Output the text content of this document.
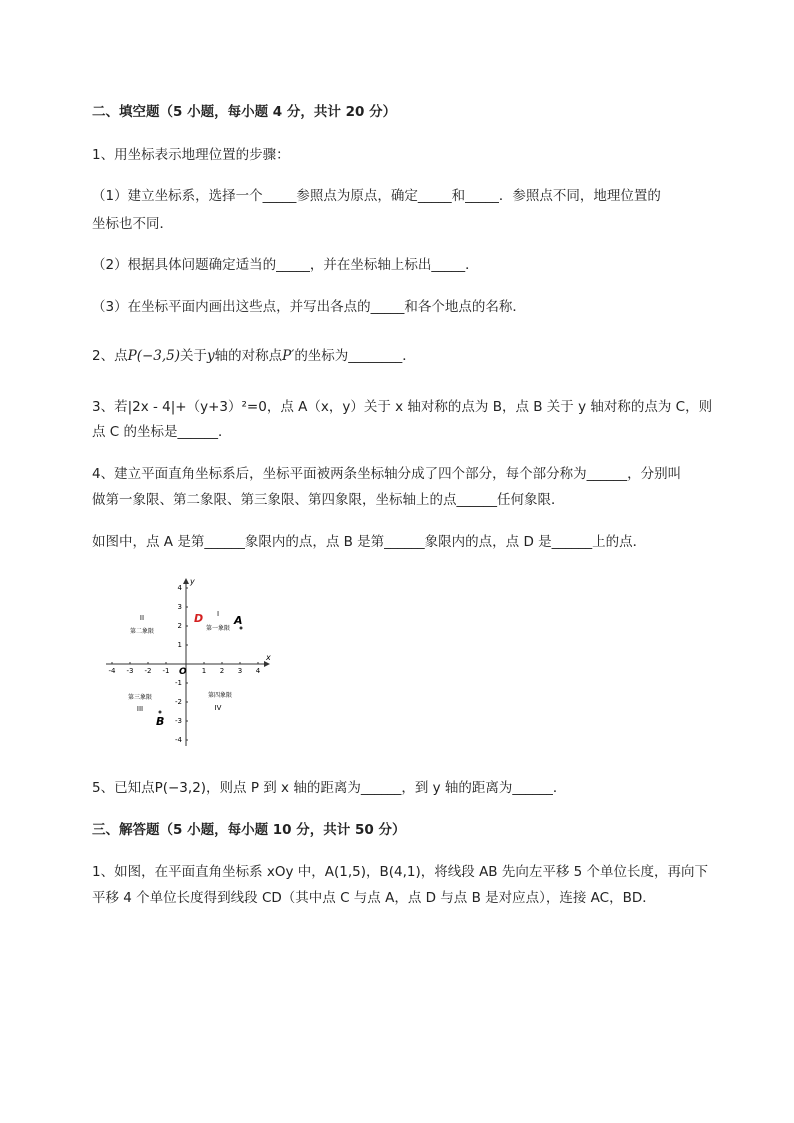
二、填空题（5 小题，每小题 4 分，共计 20 分）
1、用坐标表示地理位置的步骤：
（1）建立坐标系，选择一个_____参照点为原点，确定_____和_____．参照点不同，地理位置的
坐标也不同．
（2）根据具体问题确定适当的_____，并在坐标轴上标出_____．
（3）在坐标平面内画出这些点，并写出各点的_____和各个地点的名称．
2、点P(−3,5)关于y轴的对称点P′的坐标为________．
3、若|2x - 4|+（y+3）²=0，点 A（x，y）关于 x 轴对称的点为 B，点 B 关于 y 轴对称的点为 C，则
点 C 的坐标是______．
4、建立平面直角坐标系后，坐标平面被两条坐标轴分成了四个部分，每个部分称为______，分别叫
做第一象限、第二象限、第三象限、第四象限，坐标轴上的点______任何象限．
如图中，点 A 是第______象限内的点，点 B 是第______象限内的点，点 D 是______上的点．
-4 -3 -2 -1	1 2 3 4
4
3
2
1
-1
-2
-3
-4
x
y
O
I
第一象限
II
第二象限
第三象限
III
第四象限
IV
D	A
B
5、已知点P(−3,2)，则点 P 到 x 轴的距离为______，到 y 轴的距离为______．
三、解答题（5 小题，每小题 10 分，共计 50 分）
1、如图，在平面直角坐标系 xOy 中，A(1,5)，B(4,1)，将线段 AB 先向左平移 5 个单位长度，再向下
平移 4 个单位长度得到线段 CD（其中点 C 与点 A，点 D 与点 B 是对应点），连接 AC，BD．
